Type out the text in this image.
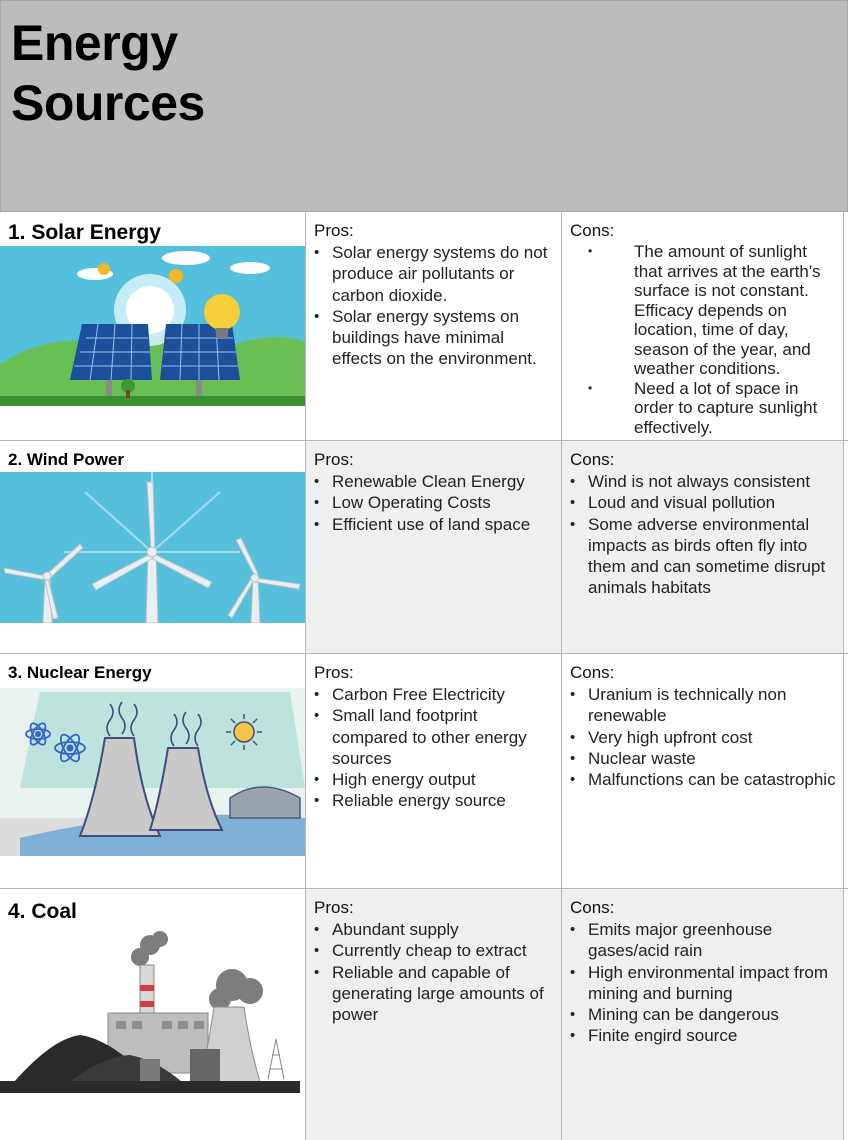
Energy
Sources
1. Solar Energy	Pros:
• Solar energy systems do not produce air pollutants or carbon dioxide.
• Solar energy systems on buildings have minimal effects on the environment.
Cons:
• The amount of sunlight that arrives at the earth's surface is not constant. Efficacy depends on location, time of day, season of the year, and weather conditions.
• Need a lot of space in order to capture sunlight effectively.
2. Wind Power	Pros:
• Renewable Clean Energy
• Low Operating Costs
• Efficient use of land space
Cons:
• Wind is not always consistent
• Loud and visual pollution
• Some adverse environmental impacts as birds often fly into them and can sometime disrupt animals habitats
3. Nuclear Energy	Pros:
• Carbon Free Electricity
• Small land footprint compared to other energy sources
• High energy output
• Reliable energy source
Cons:
• Uranium is technically non renewable
• Very high upfront cost
• Nuclear waste
• Malfunctions can be catastrophic
4. Coal	Pros:
• Abundant supply
• Currently cheap to extract
• Reliable and capable of generating large amounts of power
Cons:
• Emits major greenhouse gases/acid rain
• High environmental impact from mining and burning
• Mining can be dangerous
• Finite engird source
